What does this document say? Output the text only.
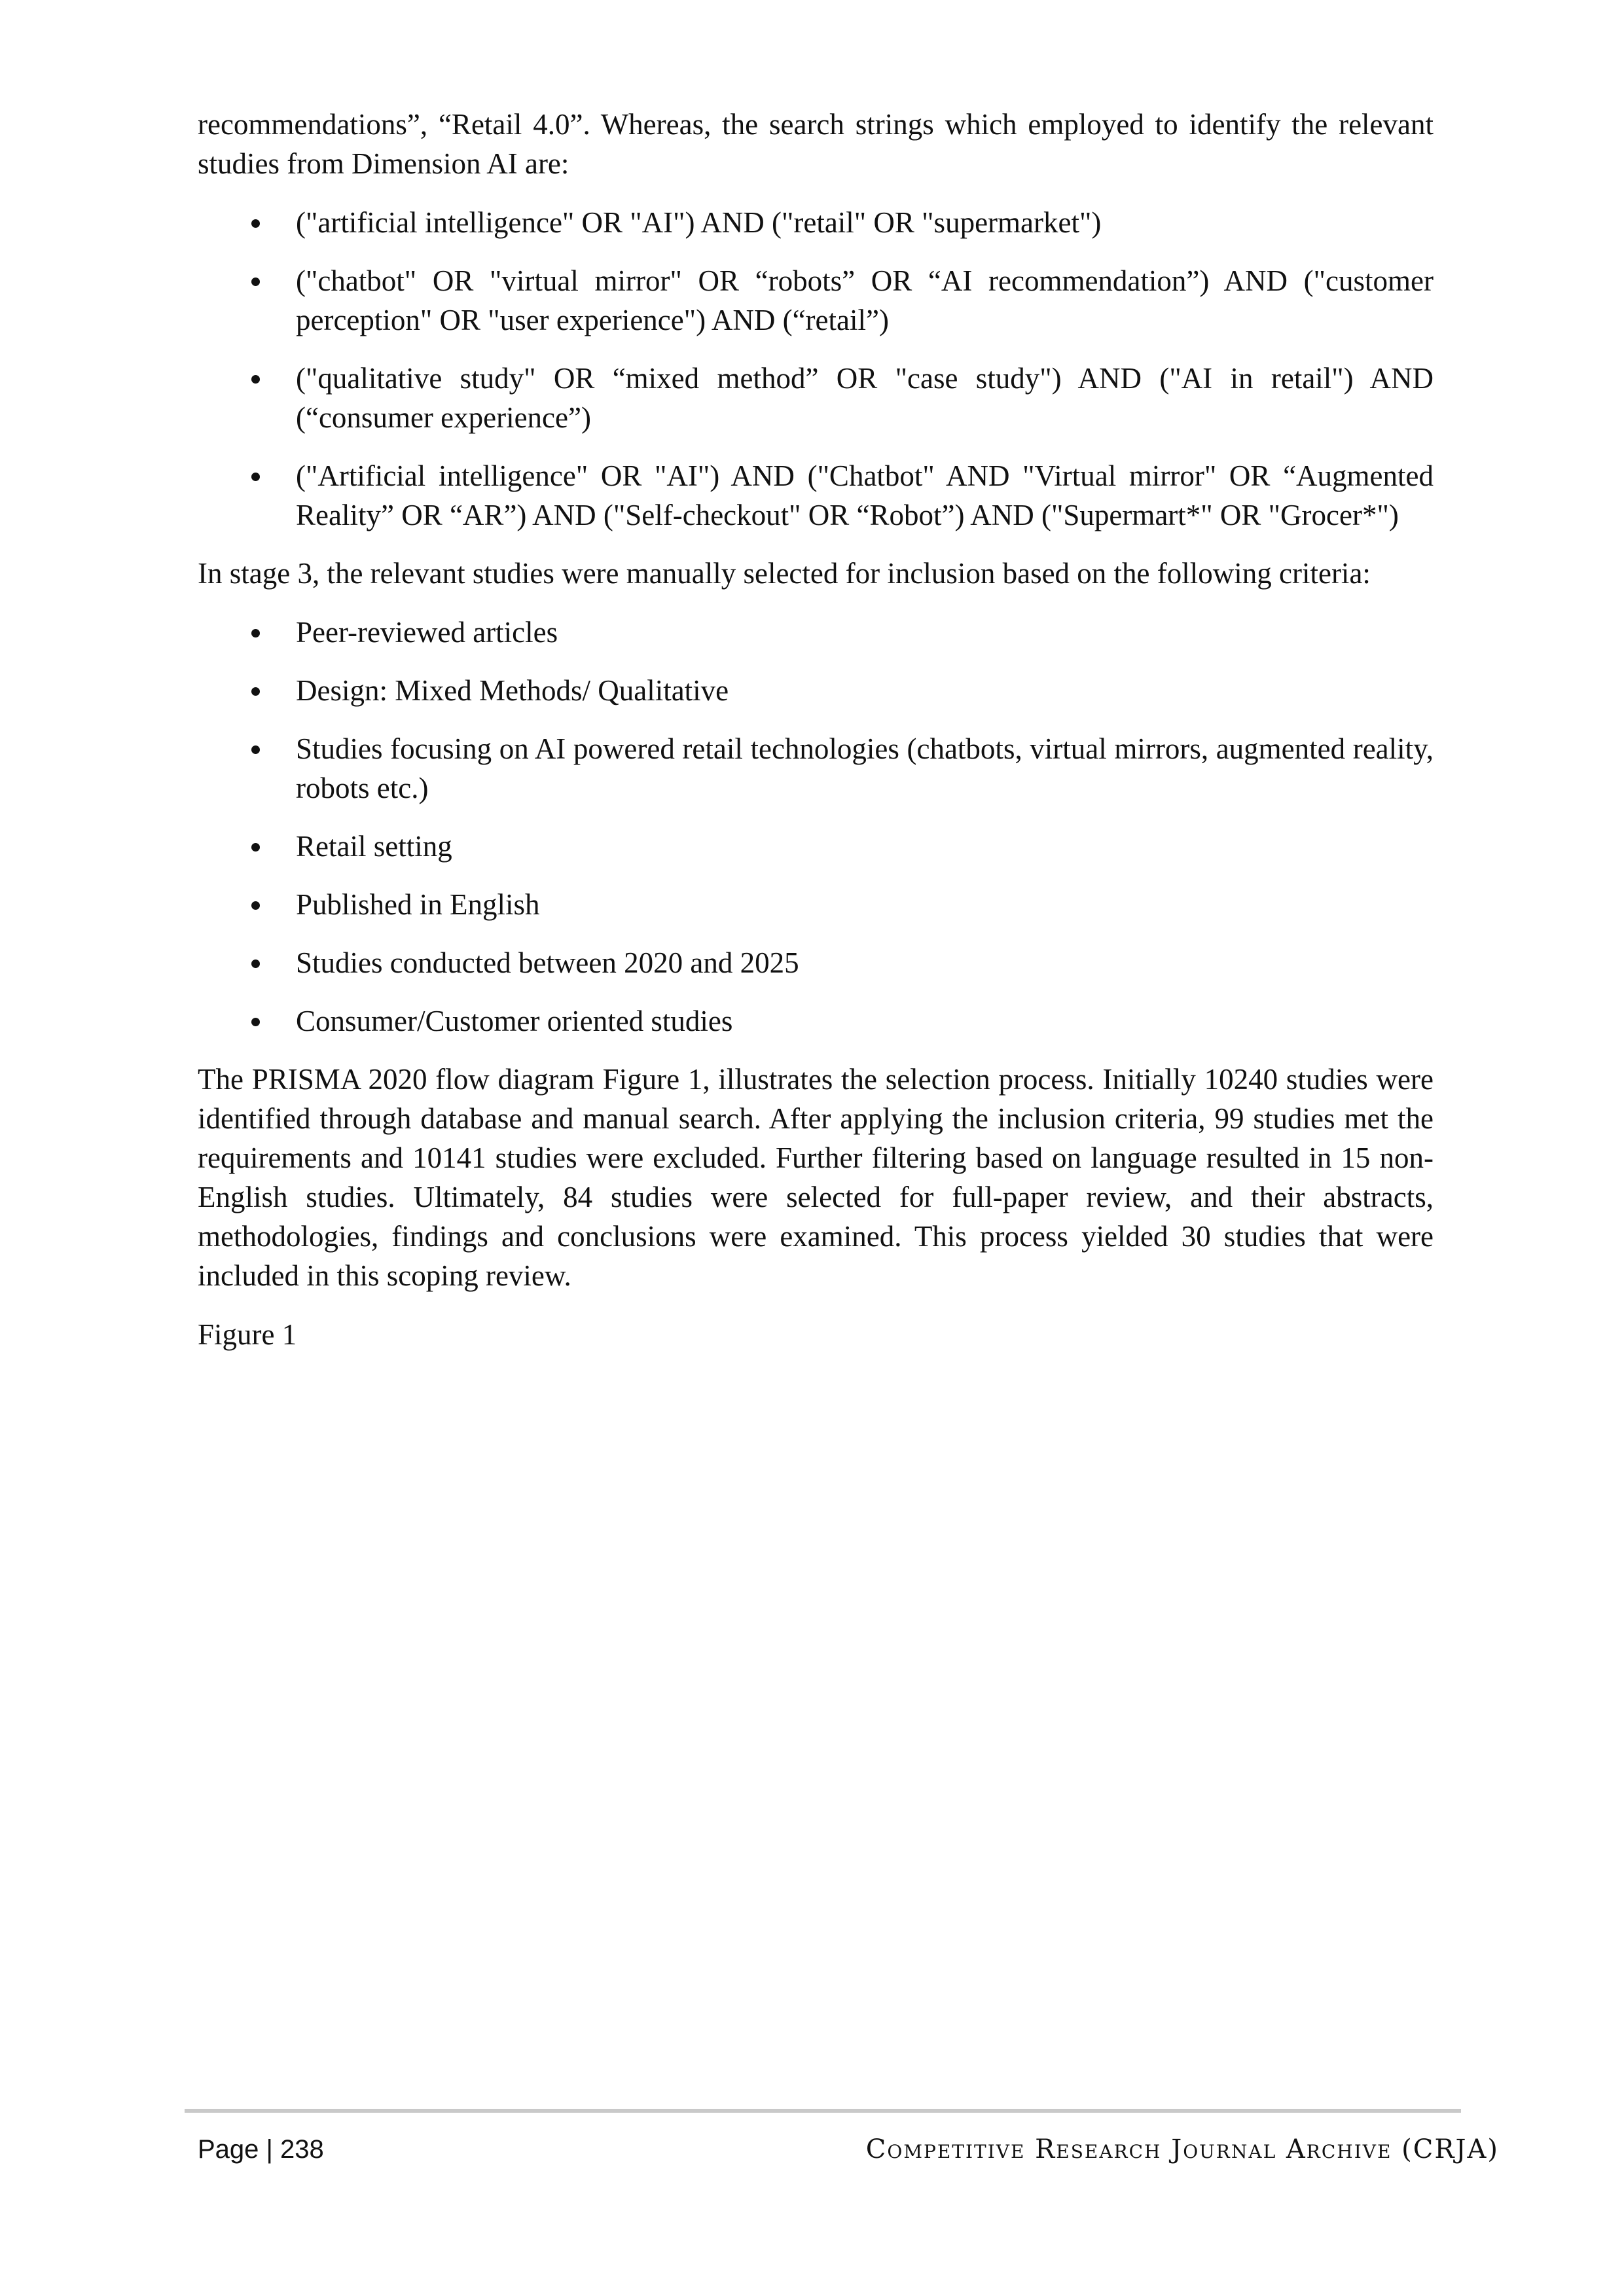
recommendations”, “Retail 4.0”. Whereas, the search strings which employed to identify the relevant studies from Dimension AI are:

("artificial intelligence" OR "AI") AND ("retail" OR "supermarket")
("chatbot" OR "virtual mirror" OR “robots” OR “AI recommendation”) AND ("customer perception" OR "user experience") AND (“retail”)
("qualitative study" OR “mixed method” OR "case study") AND ("AI in retail") AND (“consumer experience”)
("Artificial intelligence" OR "AI") AND ("Chatbot" AND "Virtual mirror" OR “Augmented Reality” OR “AR”) AND ("Self-checkout" OR “Robot”) AND ("Supermart*" OR "Grocer*")

In stage 3, the relevant studies were manually selected for inclusion based on the following criteria:

Peer-reviewed articles
Design: Mixed Methods/ Qualitative
Studies focusing on AI powered retail technologies (chatbots, virtual mirrors, augmented reality, robots etc.)
Retail setting
Published in English
Studies conducted between 2020 and 2025
Consumer/Customer oriented studies

The PRISMA 2020 flow diagram Figure 1, illustrates the selection process. Initially 10240 studies were identified through database and manual search. After applying the inclusion criteria, 99 studies met the requirements and 10141 studies were excluded. Further filtering based on language resulted in 15 non-English studies. Ultimately, 84 studies were selected for full-paper review, and their abstracts, methodologies, findings and conclusions were examined. This process yielded 30 studies that were included in this scoping review.

Figure 1

Page | 238	Competitive Research Journal Archive (CRJA)
